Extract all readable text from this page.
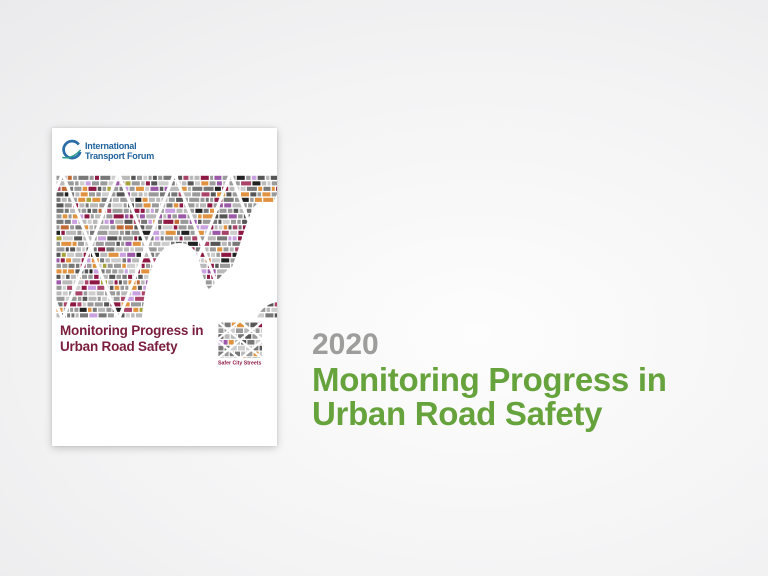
International
Transport Forum
Monitoring Progress in
Urban Road Safety
Safer City Streets
2020
Monitoring Progress in
Urban Road Safety
